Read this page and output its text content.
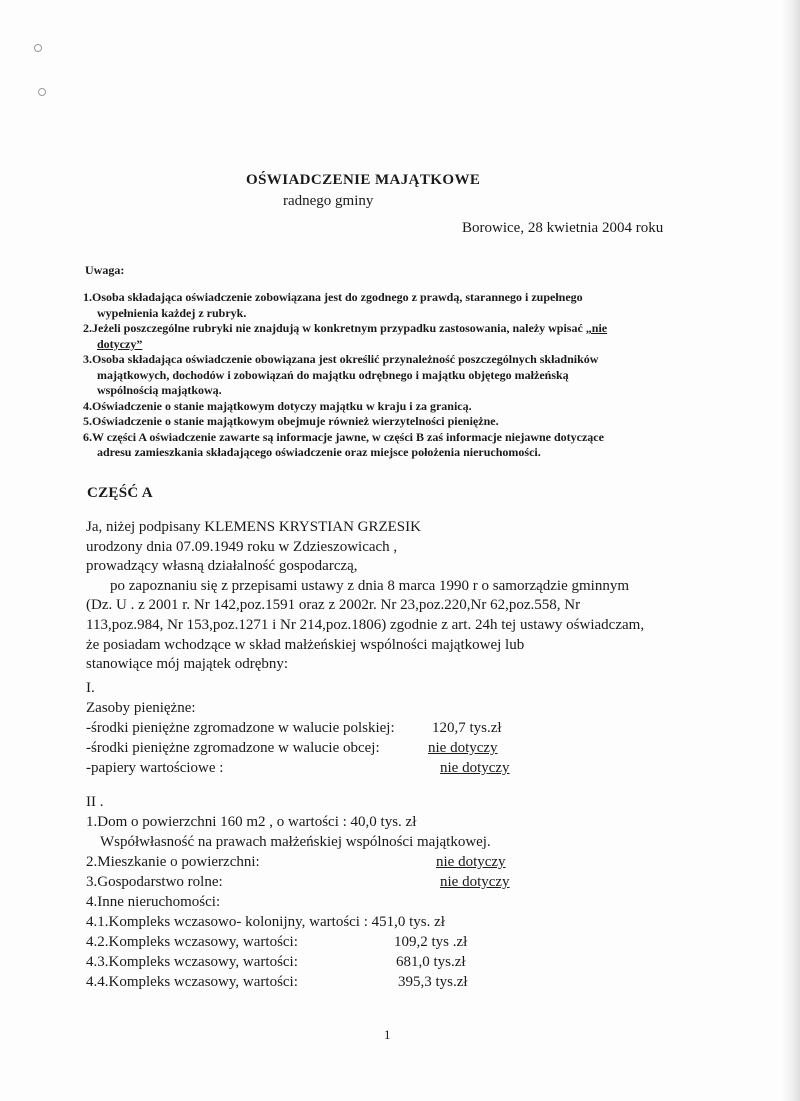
OŚWIADCZENIE MAJĄTKOWE
radnego gminy
Borowice, 28 kwietnia 2004 roku
Uwaga:
1.Osoba składająca oświadczenie zobowiązana jest do zgodnego z prawdą, starannego i zupełnego
wypełnienia każdej z rubryk.
2.Jeżeli poszczególne rubryki nie znajdują w konkretnym przypadku zastosowania, należy wpisać „nie
dotyczy”
3.Osoba składająca oświadczenie obowiązana jest określić przynależność poszczególnych składników
majątkowych, dochodów i zobowiązań do majątku odrębnego i majątku objętego małżeńską
wspólnością majątkową.
4.Oświadczenie o stanie majątkowym dotyczy majątku w kraju i za granicą.
5.Oświadczenie o stanie majątkowym obejmuje również wierzytelności pieniężne.
6.W części A oświadczenie zawarte są informacje jawne, w części B zaś informacje niejawne dotyczące
adresu zamieszkania składającego oświadczenie oraz miejsce położenia nieruchomości.
CZĘŚĆ A
Ja, niżej podpisany KLEMENS KRYSTIAN GRZESIK
urodzony dnia 07.09.1949 roku w Zdzieszowicach ,
prowadzący własną działalność gospodarczą,
po zapoznaniu się z przepisami ustawy z dnia 8 marca 1990 r o samorządzie gminnym
(Dz. U . z 2001 r. Nr 142,poz.1591 oraz z 2002r. Nr 23,poz.220,Nr 62,poz.558, Nr
113,poz.984, Nr 153,poz.1271 i Nr 214,poz.1806) zgodnie z art. 24h tej ustawy oświadczam,
że posiadam wchodzące w skład małżeńskiej wspólności majątkowej lub
stanowiące mój majątek odrębny:
I.
Zasoby pieniężne:
-środki pieniężne zgromadzone w walucie polskiej: 120,7 tys.zł
-środki pieniężne zgromadzone w walucie obcej:	nie dotyczy
-papiery wartościowe :	nie dotyczy
II .
1.Dom o powierzchni 160 m2 , o wartości : 40,0 tys. zł
Współwłasność na prawach małżeńskiej wspólności majątkowej.
2.Mieszkanie o powierzchni:	nie dotyczy
3.Gospodarstwo rolne:	nie dotyczy
4.Inne nieruchomości:
4.1.Kompleks wczasowo- kolonijny, wartości : 451,0 tys. zł
4.2.Kompleks wczasowy, wartości:	109,2 tys .zł
4.3.Kompleks wczasowy, wartości:	681,0 tys.zł
4.4.Kompleks wczasowy, wartości:	395,3 tys.zł
1
